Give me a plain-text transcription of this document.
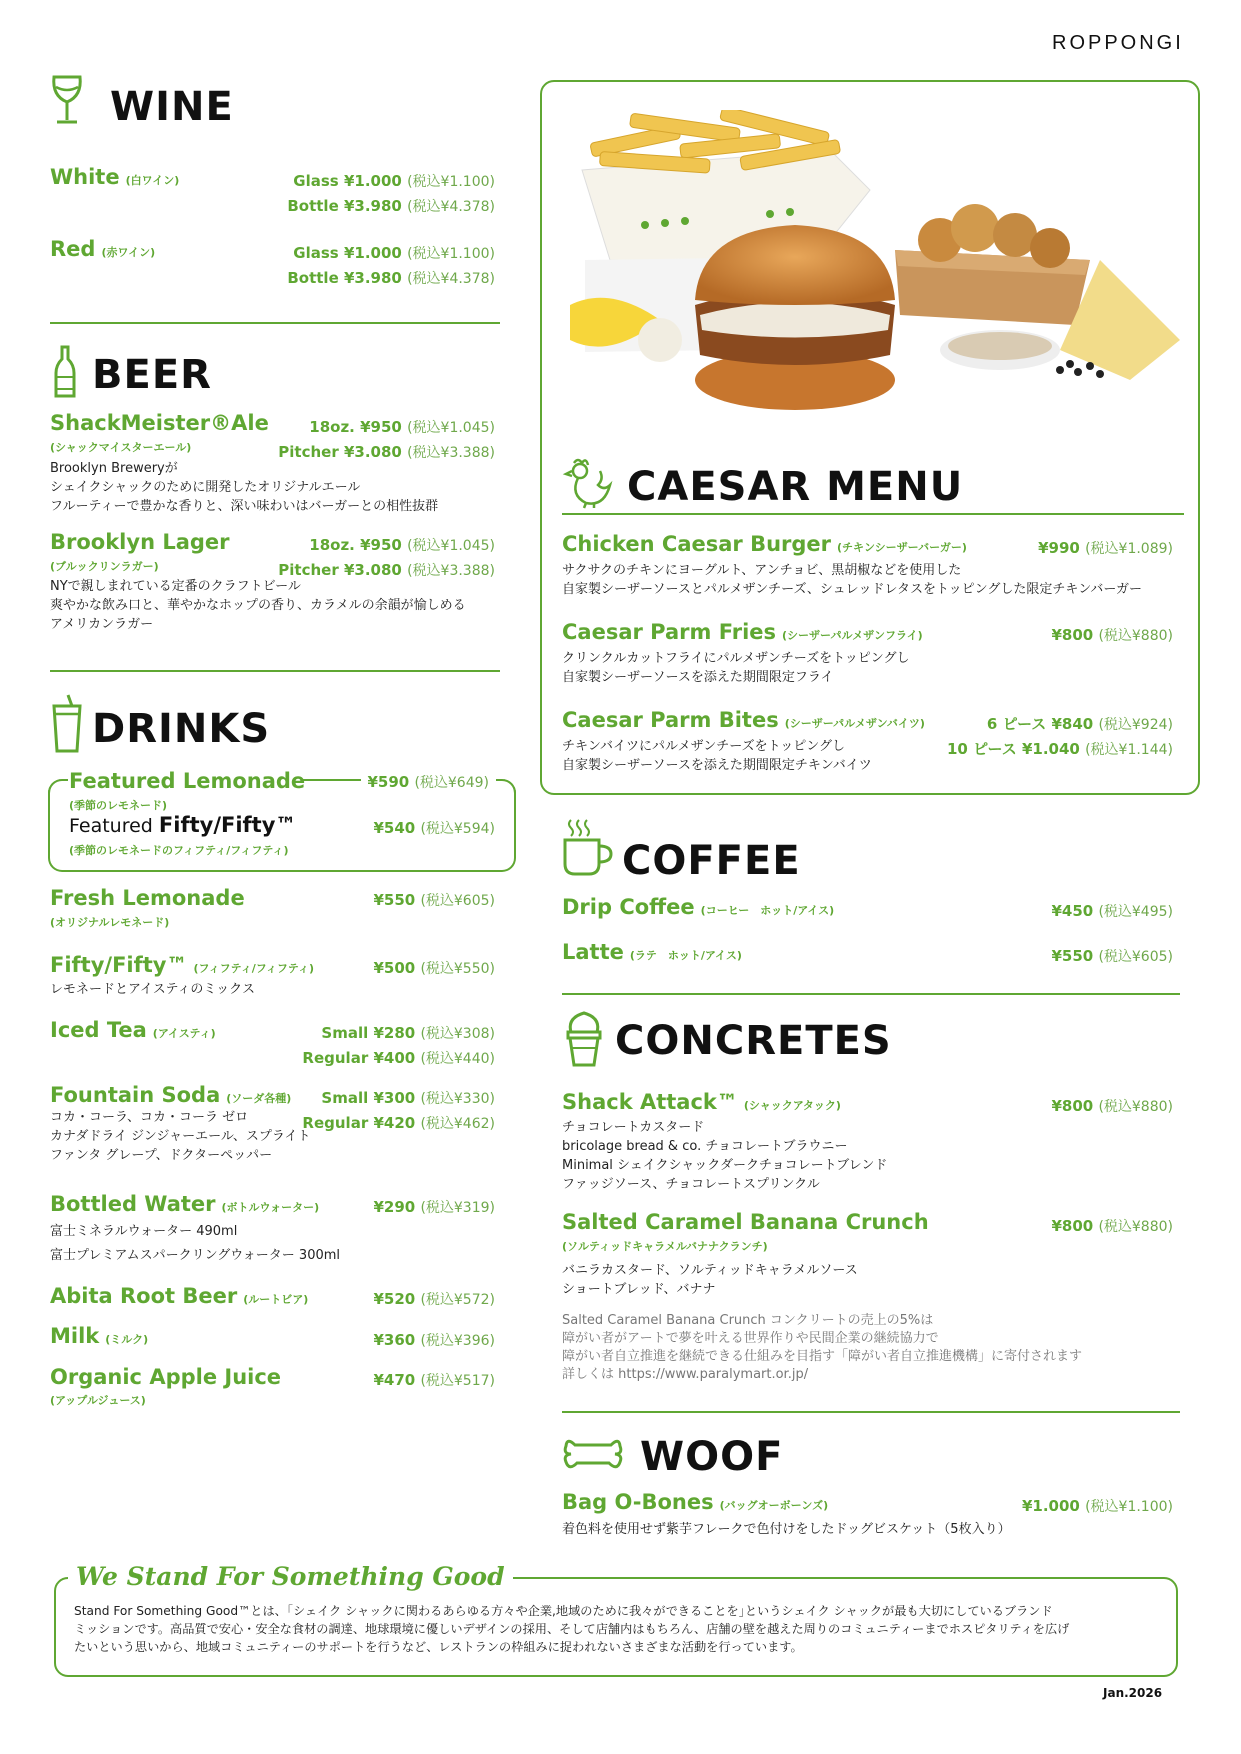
ROPPONGI
WINE
White (白ワイン)	Glass ¥1.000 (税込¥1.100)
Bottle ¥3.980 (税込¥4.378)
Red (赤ワイン)	Glass ¥1.000 (税込¥1.100)
Bottle ¥3.980 (税込¥4.378)
BEER
ShackMeister®Ale
(シャックマイスターエール)
18oz. ¥950 (税込¥1.045)
Pitcher ¥3.080 (税込¥3.388)
Brooklyn Breweryが
シェイクシャックのために開発したオリジナルエール
フルーティーで豊かな香りと、深い味わいはバーガーとの相性抜群
Brooklyn Lager
(ブルックリンラガー)
18oz. ¥950 (税込¥1.045)
Pitcher ¥3.080 (税込¥3.388)
NYで親しまれている定番のクラフトビール
爽やかな飲み口と、華やかなホップの香り、カラメルの余韻が愉しめる
アメリカンラガー
DRINKS
Featured Lemonade
(季節のレモネード)
¥590 (税込¥649)
Featured Fifty/Fifty™
(季節のレモネードのフィフティ/フィフティ)
¥540 (税込¥594)
Fresh Lemonade
(オリジナルレモネード)
¥550 (税込¥605)
Fifty/Fifty™ (フィフティ/フィフティ)	¥500 (税込¥550)
レモネードとアイスティのミックス
Iced Tea (アイスティ)	Small ¥280 (税込¥308)
Regular ¥400 (税込¥440)
Fountain Soda (ソーダ各種) Small ¥300 (税込¥330)
Regular ¥420 (税込¥462)
コカ・コーラ、コカ・コーラ ゼロ
カナダドライ ジンジャーエール、スプライト
ファンタ グレープ、ドクターペッパー
Bottled Water (ボトルウォーター)	¥290 (税込¥319)
富士ミネラルウォーター 490ml
富士プレミアムスパークリングウォーター 300ml
Abita Root Beer (ルートビア)	¥520 (税込¥572)
Milk (ミルク)	¥360 (税込¥396)
Organic Apple Juice
(アップルジュース)
¥470 (税込¥517)
CAESAR MENU
Chicken Caesar Burger (チキンシーザーバーガー)	¥990 (税込¥1.089)
サクサクのチキンにヨーグルト、アンチョビ、黒胡椒などを使用した
自家製シーザーソースとパルメザンチーズ、シュレッドレタスをトッピングした限定チキンバーガー
Caesar Parm Fries (シーザーパルメザンフライ)	¥800 (税込¥880)
クリンクルカットフライにパルメザンチーズをトッピングし
自家製シーザーソースを添えた期間限定フライ
Caesar Parm Bites (シーザーパルメザンバイツ)	6 ピース ¥840 (税込¥924)
10 ピース ¥1.040 (税込¥1.144)
チキンバイツにパルメザンチーズをトッピングし
自家製シーザーソースを添えた期間限定チキンバイツ
COFFEE
Drip Coffee (コーヒー　ホット/アイス)	¥450 (税込¥495)
Latte (ラテ　ホット/アイス)	¥550 (税込¥605)
CONCRETES
Shack Attack™ (シャックアタック)	¥800 (税込¥880)
チョコレートカスタード
bricolage bread & co. チョコレートブラウニー
Minimal シェイクシャックダークチョコレートブレンド
ファッジソース、チョコレートスプリンクル
Salted Caramel Banana Crunch
(ソルティッドキャラメルバナナクランチ)
¥800 (税込¥880)
バニラカスタード、ソルティッドキャラメルソース
ショートブレッド、バナナ
Salted Caramel Banana Crunch コンクリートの売上の5%は
障がい者がアートで夢を叶える世界作りや民間企業の継続協力で
障がい者自立推進を継続できる仕組みを目指す「障がい者自立推進機構」に寄付されます
詳しくは https://www.paralymart.or.jp/
WOOF
Bag O-Bones (バッグオーボーンズ)	¥1.000 (税込¥1.100)
着色料を使用せず紫芋フレークで色付けをしたドッグビスケット（5枚入り）
We Stand For Something Good
Stand For Something Good™とは、｢シェイク シャックに関わるあらゆる方々や企業,地域のために我々ができることを｣というシェイク シャックが最も大切にしているブランド
ミッションです。高品質で安心・安全な食材の調達、地球環境に優しいデザインの採用、そして店舗内はもちろん、店舗の壁を越えた周りのコミュニティーまでホスピタリティを広げ
たいという思いから、地域コミュニティーのサポートを行うなど、レストランの枠組みに捉われないさまざまな活動を行っています。
Jan.2026
